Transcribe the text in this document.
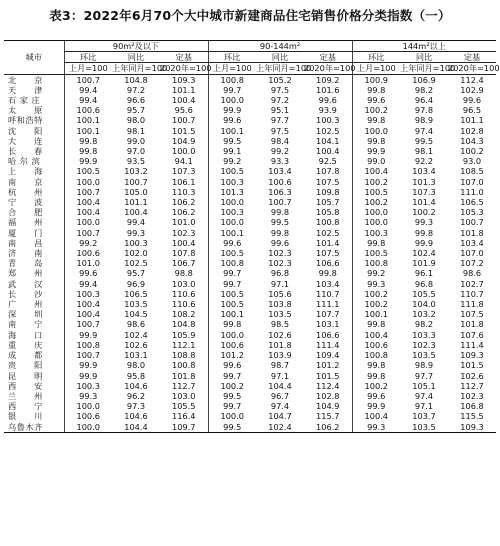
表3：2022年6月70个大中城市新建商品住宅销售价格分类指数（一）
城市	90m²及以下			90-144m²			144m²以上		
	环比	同比	定基	环比	同比	定基	环比	同比	定基
	上月=100	上年同月=100	2020年=100	上月=100	上年同月=100	2020年=100	上月=100	上年同月=100	2020年=100
北　　京	100.7	104.8	109.3	100.8	105.2	109.2	100.9	106.9	112.4
天　　津	99.4	97.2	101.1	99.7	97.5	101.6	99.8	98.2	102.9
石 家 庄	99.4	96.6	100.4	100.0	97.2	99.6	99.6	96.4	99.6
太　　原	100.6	95.7	95.6	99.9	95.1	93.9	100.2	97.8	96.5
呼和浩特	100.1	98.0	100.7	99.6	97.7	100.3	99.8	98.9	101.1
沈　　阳	100.1	98.1	101.5	100.1	97.5	102.5	100.0	97.4	102.8
大　　连	99.8	99.0	104.9	99.5	98.4	104.1	99.8	99.5	104.3
长　　春	99.8	97.0	100.0	99.1	99.2	100.4	99.9	98.1	100.2
哈 尔 滨	99.9	93.5	94.1	99.2	93.3	92.5	99.0	92.2	93.0
上　　海	100.5	103.2	107.3	100.5	103.4	107.8	100.4	103.4	108.5
南　　京	100.0	100.7	106.1	100.3	100.6	107.5	100.2	101.3	107.0
杭　　州	100.7	105.0	110.3	101.3	106.3	109.8	100.5	107.3	111.0
宁　　波	100.4	101.1	106.2	100.0	100.7	105.7	100.2	101.4	106.5
合　　肥	100.4	100.4	106.2	100.3	99.8	105.8	100.0	100.2	105.3
福　　州	100.0	99.4	101.0	100.0	99.5	100.8	100.0	99.3	100.7
厦　　门	100.7	99.3	102.3	100.1	99.8	102.5	100.3	99.8	101.8
南　　昌	99.2	100.3	100.4	99.6	99.6	101.4	99.8	99.9	103.4
济　　南	100.6	102.0	107.8	100.5	102.3	107.5	100.5	102.4	107.0
青　　岛	101.0	102.5	106.7	100.8	102.3	106.6	100.8	101.9	107.2
郑　　州	99.6	95.7	98.8	99.7	96.8	99.8	99.2	96.1	98.6
武　　汉	99.4	96.9	103.0	99.7	97.1	103.4	99.3	96.8	102.7
长　　沙	100.3	106.5	110.6	100.5	105.6	110.7	100.2	105.5	110.7
广　　州	100.4	103.5	110.6	100.5	103.8	111.1	100.2	104.0	111.8
深　　圳	100.4	104.5	108.2	100.1	103.5	107.7	100.1	103.2	107.5
南　　宁	100.7	98.6	104.8	99.8	98.5	103.1	99.8	98.2	101.8
海　　口	99.9	102.4	105.9	100.0	102.6	106.6	100.4	103.3	107.6
重　　庆	100.8	102.6	112.1	100.6	101.8	111.4	100.6	102.3	111.4
成　　都	100.7	103.1	108.8	101.2	103.9	109.4	100.8	103.5	109.3
贵　　阳	99.9	98.0	100.8	99.6	98.7	101.2	99.8	98.9	101.5
昆　　明	99.9	95.8	101.8	99.7	97.1	101.5	99.8	97.7	102.6
西　　安	100.3	104.6	112.7	100.2	104.4	112.4	100.2	105.1	112.7
兰　　州	99.3	96.2	103.0	99.5	96.7	102.8	99.6	97.4	102.3
西　　宁	100.0	97.3	105.5	99.7	97.4	104.9	99.9	97.1	106.8
银　　川	100.6	104.6	116.4	100.0	104.7	115.7	100.4	103.7	115.5
乌鲁木齐	100.0	104.4	109.7	99.5	102.4	106.2	99.3	103.5	109.3
